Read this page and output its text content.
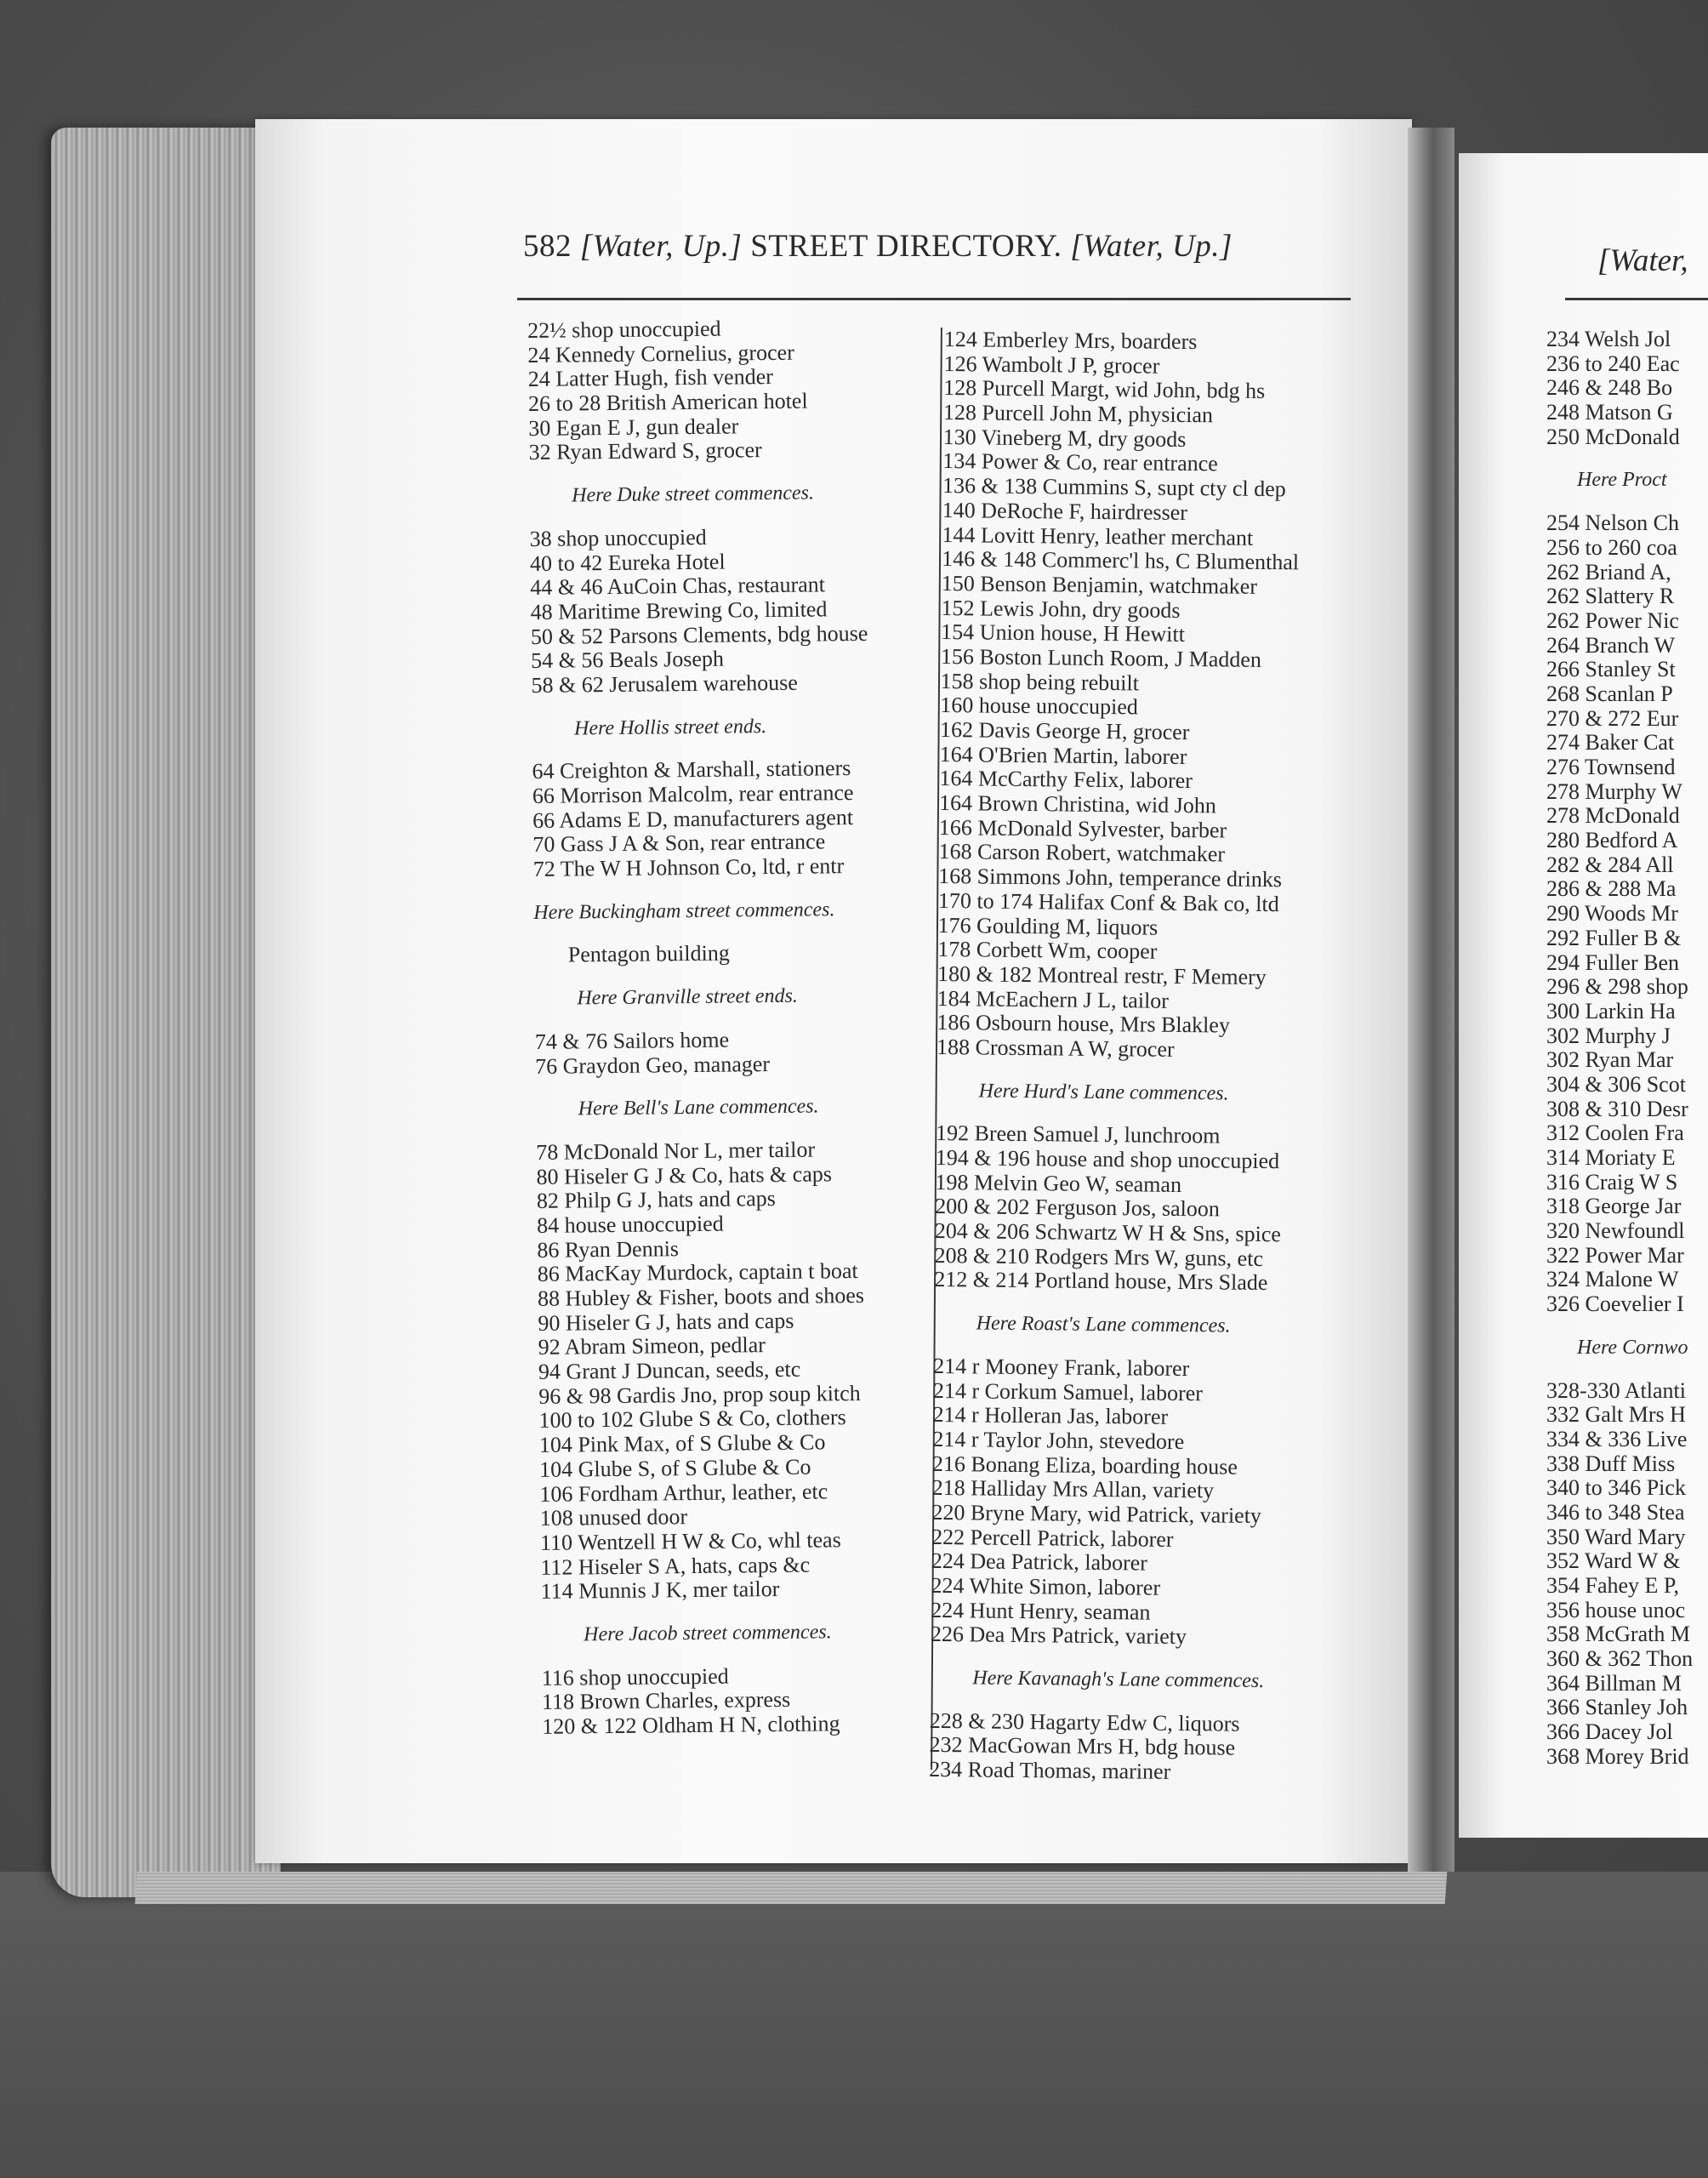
582 [Water, Up.] STREET DIRECTORY. [Water, Up.]	[Water,
22½ shop unoccupied
24 Kennedy Cornelius, grocer
24 Latter Hugh, fish vender
26 to 28 British American hotel
30 Egan E J, gun dealer
32 Ryan Edward S, grocer
Here Duke street commences.
38 shop unoccupied
40 to 42 Eureka Hotel
44 & 46 AuCoin Chas, restaurant
48 Maritime Brewing Co, limited
50 & 52 Parsons Clements, bdg house
54 & 56 Beals Joseph
58 & 62 Jerusalem warehouse
Here Hollis street ends.
64 Creighton & Marshall, stationers
66 Morrison Malcolm, rear entrance
66 Adams E D, manufacturers agent
70 Gass J A & Son, rear entrance
72 The W H Johnson Co, ltd, r entr
Here Buckingham street commences.
Pentagon building
Here Granville street ends.
74 & 76 Sailors home
76 Graydon Geo, manager
Here Bell's Lane commences.
78 McDonald Nor L, mer tailor
80 Hiseler G J & Co, hats & caps
82 Philp G J, hats and caps
84 house unoccupied
86 Ryan Dennis
86 MacKay Murdock, captain t boat
88 Hubley & Fisher, boots and shoes
90 Hiseler G J, hats and caps
92 Abram Simeon, pedlar
94 Grant J Duncan, seeds, etc
96 & 98 Gardis Jno, prop soup kitch
100 to 102 Glube S & Co, clothers
104 Pink Max, of S Glube & Co
104 Glube S, of S Glube & Co
106 Fordham Arthur, leather, etc
108 unused door
110 Wentzell H W & Co, whl teas
112 Hiseler S A, hats, caps &c
114 Munnis J K, mer tailor
Here Jacob street commences.
116 shop unoccupied
118 Brown Charles, express
120 & 122 Oldham H N, clothing
124 Emberley Mrs, boarders
126 Wambolt J P, grocer
128 Purcell Margt, wid John, bdg hs
128 Purcell John M, physician
130 Vineberg M, dry goods
134 Power & Co, rear entrance
136 & 138 Cummins S, supt cty cl dep
140 DeRoche F, hairdresser
144 Lovitt Henry, leather merchant
146 & 148 Commerc'l hs, C Blumenthal
150 Benson Benjamin, watchmaker
152 Lewis John, dry goods
154 Union house, H Hewitt
156 Boston Lunch Room, J Madden
158 shop being rebuilt
160 house unoccupied
162 Davis George H, grocer
164 O'Brien Martin, laborer
164 McCarthy Felix, laborer
164 Brown Christina, wid John
166 McDonald Sylvester, barber
168 Carson Robert, watchmaker
168 Simmons John, temperance drinks
170 to 174 Halifax Conf & Bak co, ltd
176 Goulding M, liquors
178 Corbett Wm, cooper
180 & 182 Montreal restr, F Memery
184 McEachern J L, tailor
186 Osbourn house, Mrs Blakley
188 Crossman A W, grocer
Here Hurd's Lane commences.
192 Breen Samuel J, lunchroom
194 & 196 house and shop unoccupied
198 Melvin Geo W, seaman
200 & 202 Ferguson Jos, saloon
204 & 206 Schwartz W H & Sns, spice
208 & 210 Rodgers Mrs W, guns, etc
212 & 214 Portland house, Mrs Slade
Here Roast's Lane commences.
214 r Mooney Frank, laborer
214 r Corkum Samuel, laborer
214 r Holleran Jas, laborer
214 r Taylor John, stevedore
216 Bonang Eliza, boarding house
218 Halliday Mrs Allan, variety
220 Bryne Mary, wid Patrick, variety
222 Percell Patrick, laborer
224 Dea Patrick, laborer
224 White Simon, laborer
224 Hunt Henry, seaman
226 Dea Mrs Patrick, variety
Here Kavanagh's Lane commences.
228 & 230 Hagarty Edw C, liquors
232 MacGowan Mrs H, bdg house
234 Road Thomas, mariner
234 Welsh Jol
236 to 240 Eac
246 & 248 Bo
248 Matson G
250 McDonald
Here Proct
254 Nelson Ch
256 to 260 coa
262 Briand A,
262 Slattery R
262 Power Nic
264 Branch W
266 Stanley St
268 Scanlan P
270 & 272 Eur
274 Baker Cat
276 Townsend
278 Murphy W
278 McDonald
280 Bedford A
282 & 284 All
286 & 288 Ma
290 Woods Mr
292 Fuller B &
294 Fuller Ben
296 & 298 shop
300 Larkin Ha
302 Murphy J
302 Ryan Mar
304 & 306 Scot
308 & 310 Desr
312 Coolen Fra
314 Moriaty E
316 Craig W S
318 George Jar
320 Newfoundl
322 Power Mar
324 Malone W
326 Coevelier I
Here Cornwo
328-330 Atlanti
332 Galt Mrs H
334 & 336 Live
338 Duff Miss
340 to 346 Pick
346 to 348 Stea
350 Ward Mary
352 Ward W &
354 Fahey E P,
356 house unoc
358 McGrath M
360 & 362 Thon
364 Billman M
366 Stanley Joh
366 Dacey Jol
368 Morey Brid
